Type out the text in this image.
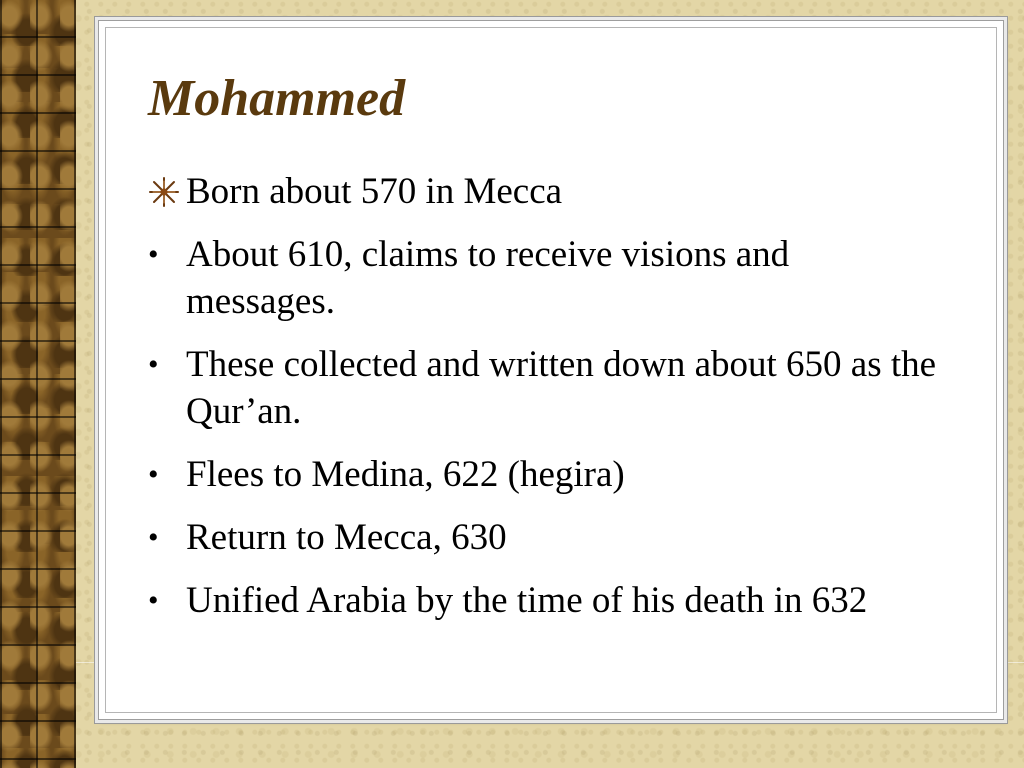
Mohammed
Born about 570 in Mecca
• About 610, claims to receive visions and messages.
• These collected and written down about 650 as the Qur’an.
• Flees to Medina, 622 (hegira)
• Return to Mecca, 630
• Unified Arabia by the time of his death in 632
